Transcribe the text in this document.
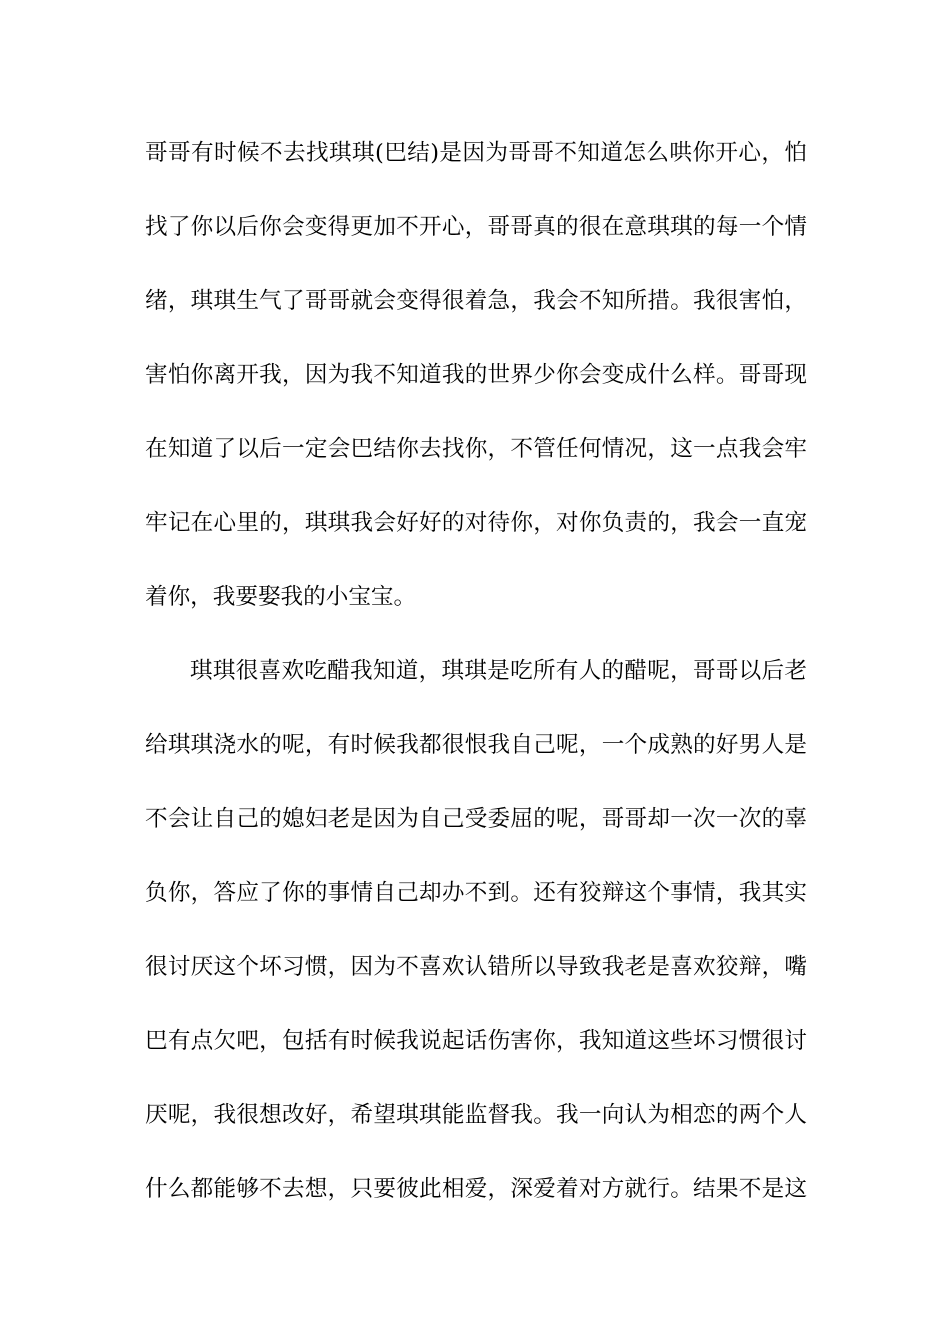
哥哥有时候不去找琪琪(巴结)是因为哥哥不知道怎么哄你开心，怕
找了你以后你会变得更加不开心，哥哥真的很在意琪琪的每一个情
绪，琪琪生气了哥哥就会变得很着急，我会不知所措。我很害怕，
害怕你离开我，因为我不知道我的世界少你会变成什么样。哥哥现
在知道了以后一定会巴结你去找你，不管任何情况，这一点我会牢
牢记在心里的，琪琪我会好好的对待你，对你负责的，我会一直宠
着你，我要娶我的小宝宝。
琪琪很喜欢吃醋我知道，琪琪是吃所有人的醋呢，哥哥以后老
给琪琪浇水的呢，有时候我都很恨我自己呢，一个成熟的好男人是
不会让自己的媳妇老是因为自己受委屈的呢，哥哥却一次一次的辜
负你，答应了你的事情自己却办不到。还有狡辩这个事情，我其实
很讨厌这个坏习惯，因为不喜欢认错所以导致我老是喜欢狡辩，嘴
巴有点欠吧，包括有时候我说起话伤害你，我知道这些坏习惯很讨
厌呢，我很想改好，希望琪琪能监督我。我一向认为相恋的两个人
什么都能够不去想，只要彼此相爱，深爱着对方就行。结果不是这
